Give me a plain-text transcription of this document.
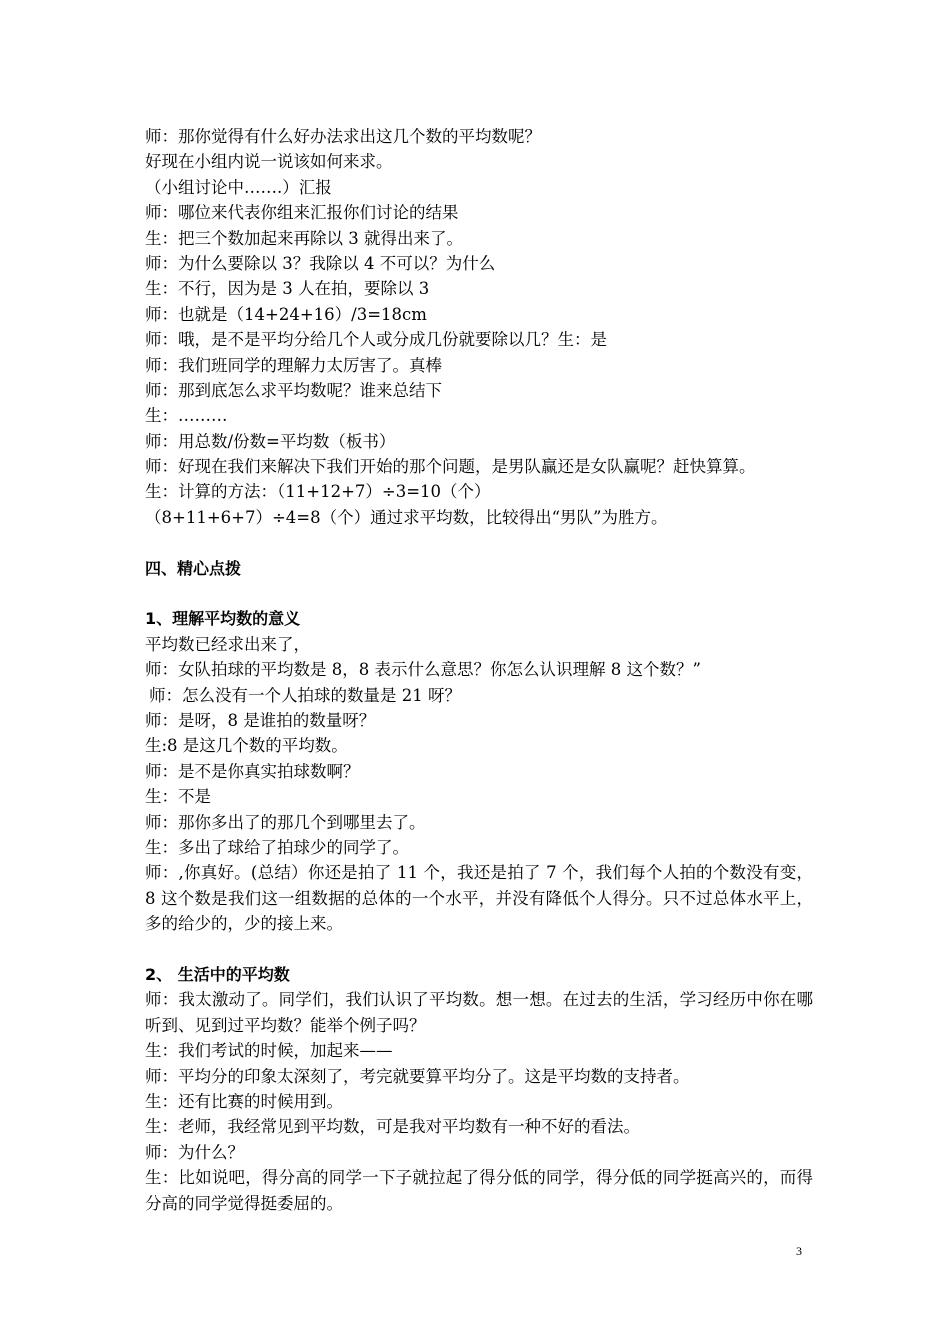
师：那你觉得有什么好办法求出这几个数的平均数呢？
好现在小组内说一说该如何来求。
（小组讨论中…….）汇报
师：哪位来代表你组来汇报你们讨论的结果
生：把三个数加起来再除以 3 就得出来了。
师：为什么要除以 3？我除以 4 不可以？为什么
生：不行，因为是 3 人在拍，要除以 3
师：也就是（14+24+16）/3=18cm
师：哦，是不是平均分给几个人或分成几份就要除以几？生：是
师：我们班同学的理解力太厉害了。真棒
师：那到底怎么求平均数呢？谁来总结下
生：………
师：用总数/份数=平均数（板书）
师：好现在我们来解决下我们开始的那个问题，是男队赢还是女队赢呢？赶快算算。
生：计算的方法：（11+12+7）÷3=10（个）
（8+11+6+7）÷4=8（个）通过求平均数，比较得出“男队”为胜方。
四、精心点拨
1、理解平均数的意义
平均数已经求出来了，
师：女队拍球的平均数是 8，8 表示什么意思？你怎么认识理解 8 这个数？”
师：怎么没有一个人拍球的数量是 21 呀？
师：是呀，8 是谁拍的数量呀？
生:8 是这几个数的平均数。
师：是不是你真实拍球数啊？
生：不是
师：那你多出了的那几个到哪里去了。
生：多出了球给了拍球少的同学了。
师：,你真好。(总结）你还是拍了 11 个，我还是拍了 7 个，我们每个人拍的个数没有变，8 这个数是我们这一组数据的总体的一个水平，并没有降低个人得分。只不过总体水平上，多的给少的，少的接上来。
2、 生活中的平均数
师：我太激动了。同学们，我们认识了平均数。想一想。在过去的生活，学习经历中你在哪听到、见到过平均数？能举个例子吗？
生：我们考试的时候，加起来——
师：平均分的印象太深刻了，考完就要算平均分了。这是平均数的支持者。
生：还有比赛的时候用到。
生：老师，我经常见到平均数，可是我对平均数有一种不好的看法。
师：为什么？
生：比如说吧，得分高的同学一下子就拉起了得分低的同学，得分低的同学挺高兴的，而得分高的同学觉得挺委屈的。
3
